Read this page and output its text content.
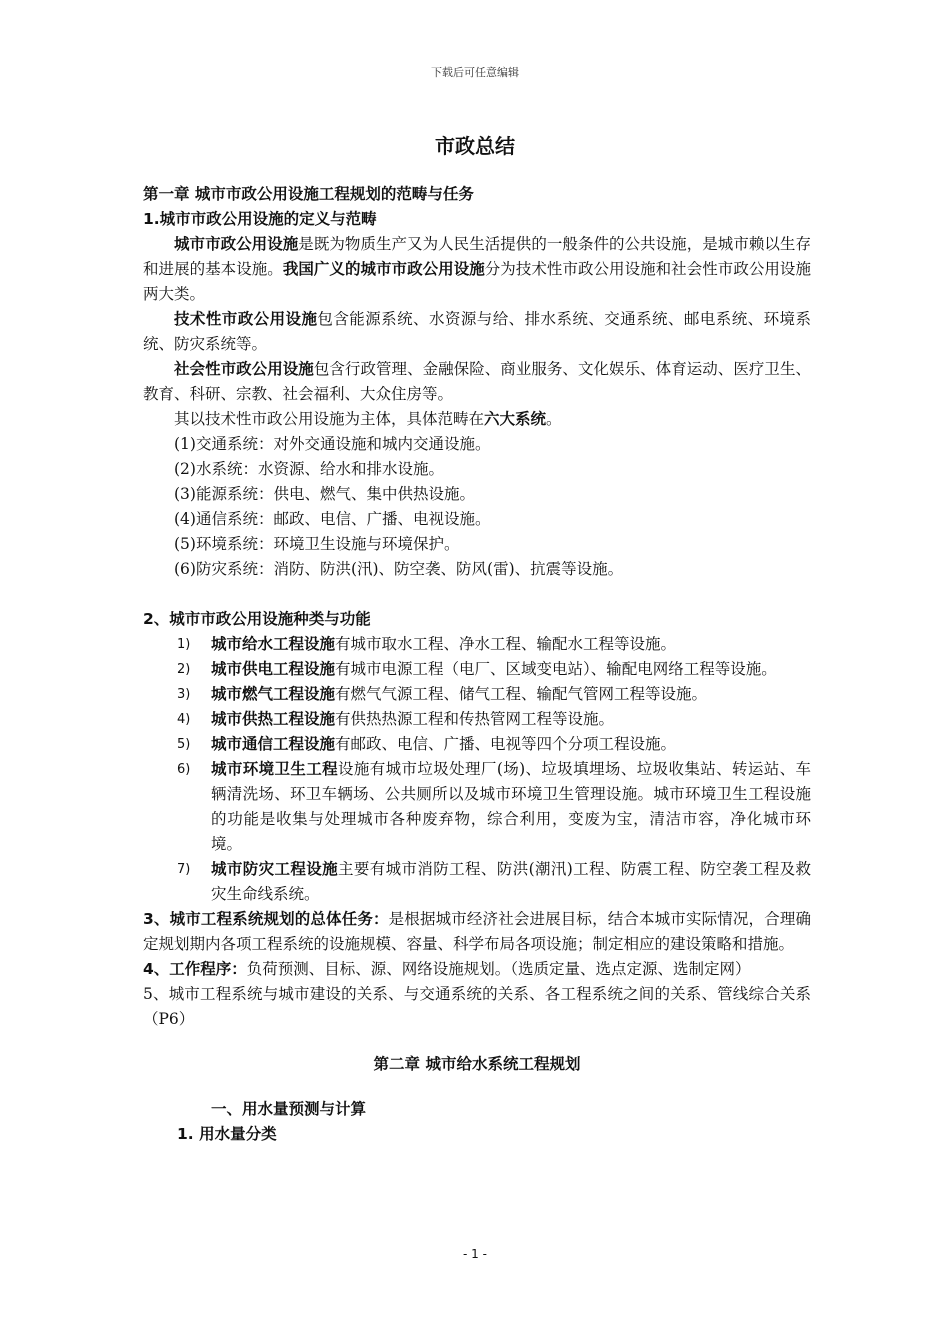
下载后可任意编辑
市政总结
第一章 城市市政公用设施工程规划的范畴与任务
1.城市市政公用设施的定义与范畴
城市市政公用设施是既为物质生产又为人民生活提供的一般条件的公共设施，是城市赖以生存和进展的基本设施。我国广义的城市市政公用设施分为技术性市政公用设施和社会性市政公用设施两大类。
技术性市政公用设施包含能源系统、水资源与给、排水系统、交通系统、邮电系统、环境系统、防灾系统等。
社会性市政公用设施包含行政管理、金融保险、商业服务、文化娱乐、体育运动、医疗卫生、教育、科研、宗教、社会福利、大众住房等。
其以技术性市政公用设施为主体，具体范畴在六大系统。
(1)交通系统：对外交通设施和城内交通设施。
(2)水系统：水资源、给水和排水设施。
(3)能源系统：供电、燃气、集中供热设施。
(4)通信系统：邮政、电信、广播、电视设施。
(5)环境系统：环境卫生设施与环境保护。
(6)防灾系统：消防、防洪(汛)、防空袭、防风(雷)、抗震等设施。
2、城市市政公用设施种类与功能
1) 城市给水工程设施有城市取水工程、净水工程、输配水工程等设施。
2) 城市供电工程设施有城市电源工程（电厂、区域变电站）、输配电网络工程等设施。
3) 城市燃气工程设施有燃气气源工程、储气工程、输配气管网工程等设施。
4) 城市供热工程设施有供热热源工程和传热管网工程等设施。
5) 城市通信工程设施有邮政、电信、广播、电视等四个分项工程设施。
6) 城市环境卫生工程设施有城市垃圾处理厂(场)、垃圾填埋场、垃圾收集站、转运站、车辆清洗场、环卫车辆场、公共厕所以及城市环境卫生管理设施。城市环境卫生工程设施的功能是收集与处理城市各种废弃物，综合利用，变废为宝，清洁市容，净化城市环境。
7) 城市防灾工程设施主要有城市消防工程、防洪(潮汛)工程、防震工程、防空袭工程及救灾生命线系统。
3、城市工程系统规划的总体任务：是根据城市经济社会进展目标，结合本城市实际情况，合理确定规划期内各项工程系统的设施规模、容量、科学布局各项设施；制定相应的建设策略和措施。
4、工作程序：负荷预测、目标、源、网络设施规划。（选质定量、选点定源、选制定网）
5、城市工程系统与城市建设的关系、与交通系统的关系、各工程系统之间的关系、管线综合关系（P6）
第二章 城市给水系统工程规划
一、用水量预测与计算
1. 用水量分类
- 1 -
